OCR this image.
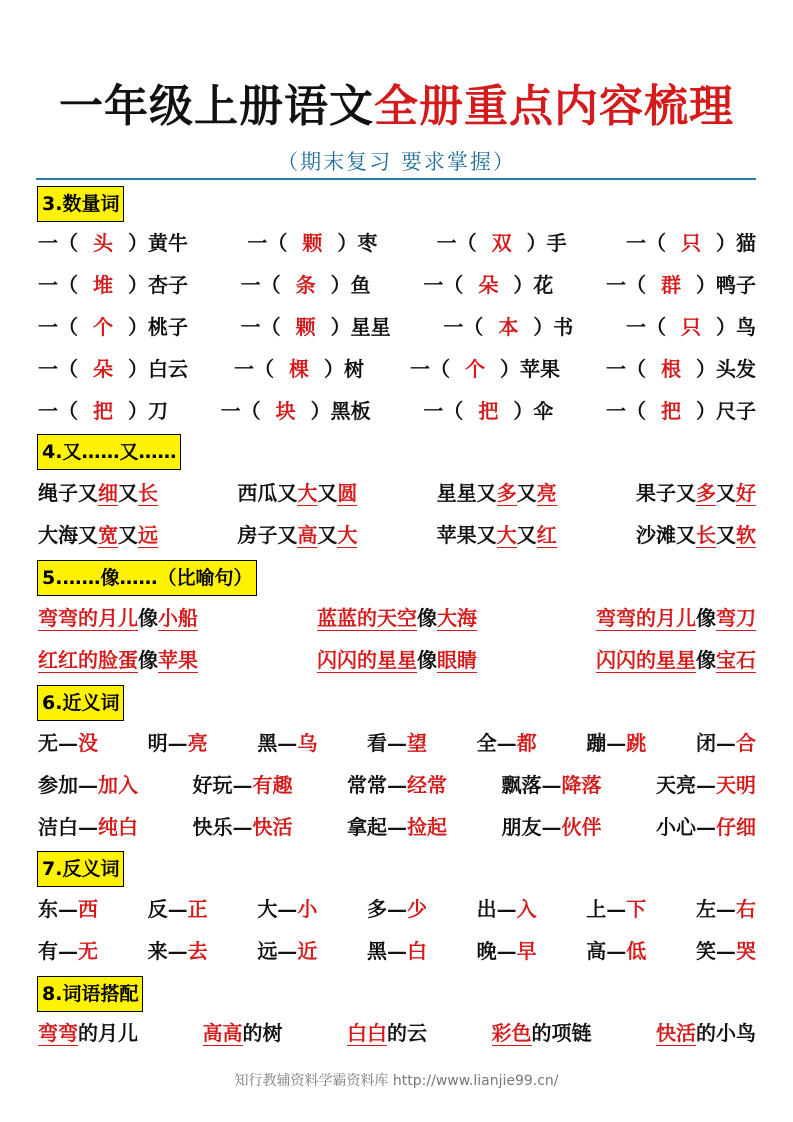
一年级上册语文全册重点内容梳理
（期末复习 要求掌握）
3.数量词
一（ 头 ）黄牛	一（ 颗 ）枣	一（ 双 ）手	一（ 只 ）猫
一（ 堆 ）杏子	一（ 条 ）鱼	一（ 朵 ）花	一（ 群 ）鸭子
一（ 个 ）桃子	一（ 颗 ）星星	一（ 本 ）书	一（ 只 ）鸟
一（ 朵 ）白云 一（ 棵 ）树 一（ 个 ）苹果 一（ 根 ）头发
一（ 把 ）刀	一（ 块 ）黑板	一（ 把 ）伞	一（ 把 ）尺子
4.又……又……
绳子又细又长	西瓜又大又圆	星星又多又亮	果子又多又好
大海又宽又远	房子又高又大	苹果又大又红	沙滩又长又软
5.……像……（比喻句）
弯弯的月儿像小船	蓝蓝的天空像大海	弯弯的月儿像弯刀
红红的脸蛋像苹果	闪闪的星星像眼睛	闪闪的星星像宝石
6.近义词
无—没 明—亮 黑—乌 看—望 全—都 蹦—跳 闭—合
参加—加入	好玩—有趣	常常—经常	飘落—降落	天亮—天明
洁白—纯白	快乐—快活	拿起—捡起	朋友—伙伴	小心—仔细
7.反义词
东—西 反—正 大—小 多—少 出—入 上—下 左—右
有—无 来—去 远—近 黑—白 晚—早 高—低 笑—哭
8.词语搭配
弯弯的月儿	高高的树	白白的云	彩色的项链	快活的小鸟
知行教辅资料学霸资料库 http://www.lianjie99.cn/
